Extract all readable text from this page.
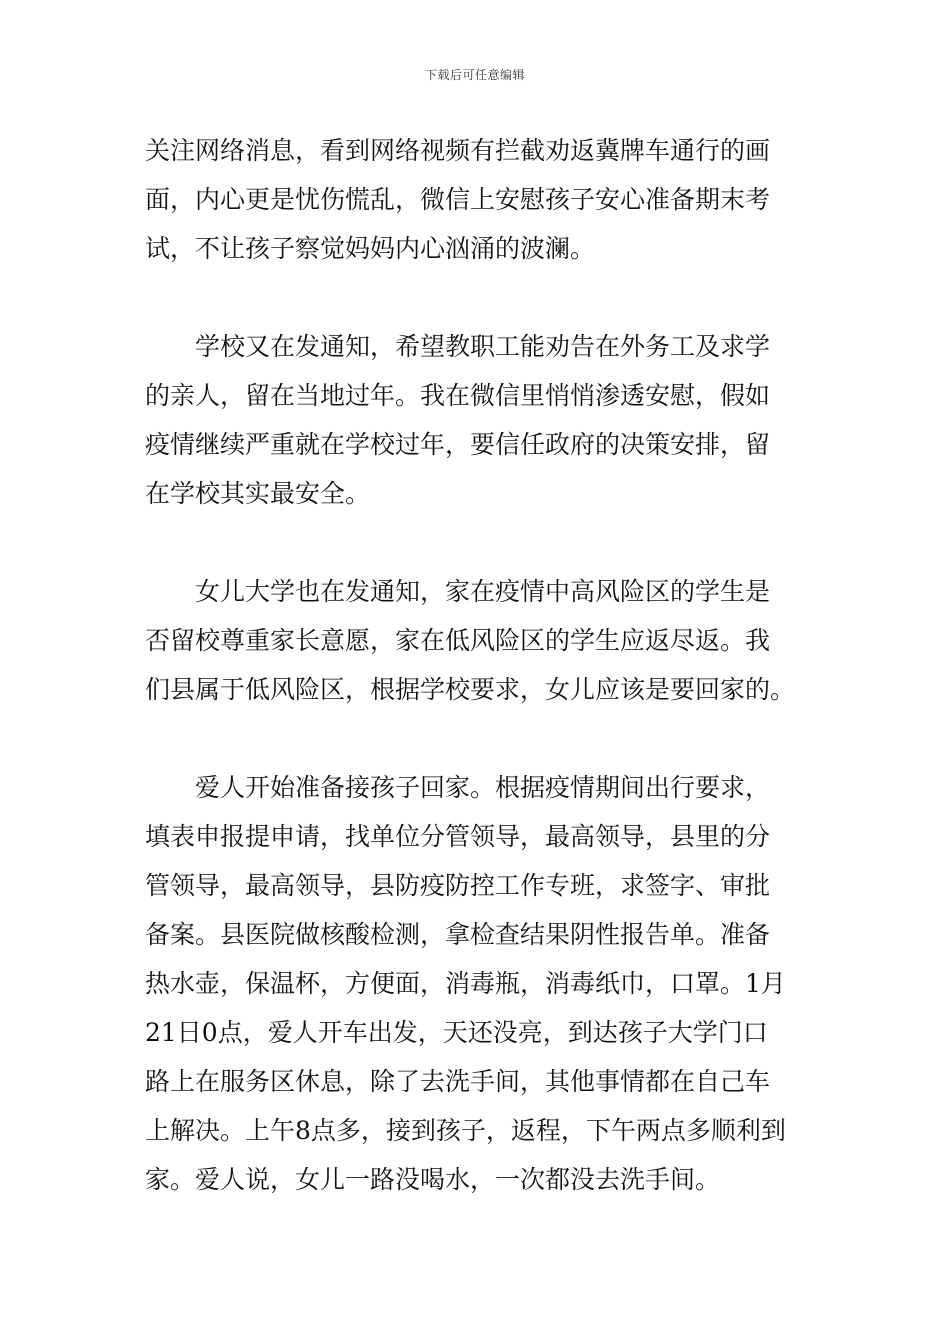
下载后可任意编辑
关注网络消息，看到网络视频有拦截劝返冀牌车通行的画
面，内心更是忧伤慌乱，微信上安慰孩子安心准备期末考
试，不让孩子察觉妈妈内心汹涌的波澜。
学校又在发通知，希望教职工能劝告在外务工及求学
的亲人，留在当地过年。我在微信里悄悄渗透安慰，假如
疫情继续严重就在学校过年，要信任政府的决策安排，留
在学校其实最安全。
女儿大学也在发通知，家在疫情中高风险区的学生是
否留校尊重家长意愿，家在低风险区的学生应返尽返。我
们县属于低风险区，根据学校要求，女儿应该是要回家的。
爱人开始准备接孩子回家。根据疫情期间出行要求，
填表申报提申请，找单位分管领导，最高领导，县里的分
管领导，最高领导，县防疫防控工作专班，求签字、审批
备案。县医院做核酸检测，拿检查结果阴性报告单。准备
热水壶，保温杯，方便面，消毒瓶，消毒纸巾，口罩。1月
21日0点，爱人开车出发，天还没亮，到达孩子大学门口
路上在服务区休息，除了去洗手间，其他事情都在自己车
上解决。上午8点多，接到孩子，返程，下午两点多顺利到
家。爱人说，女儿一路没喝水，一次都没去洗手间。
